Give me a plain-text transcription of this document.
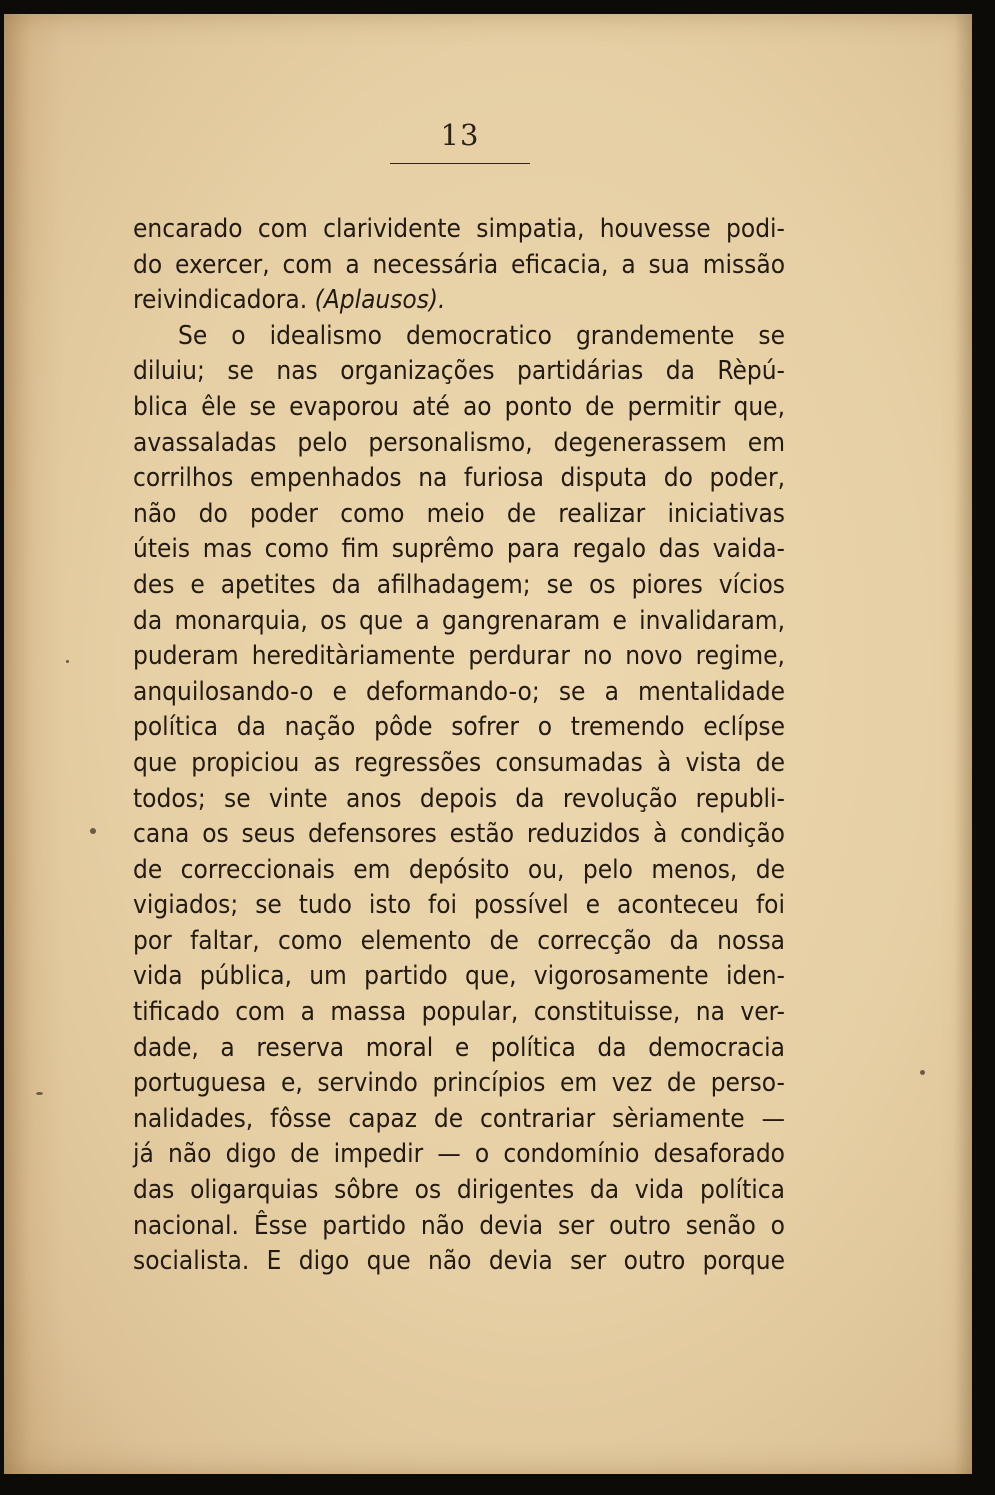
13
encarado com clarividente simpatia, houvesse podi-
do exercer, com a necessária eficacia, a sua missão
reivindicadora. (Aplausos).
Se o idealismo democratico grandemente se
diluiu; se nas organizações partidárias da Rèpú-
blica êle se evaporou até ao ponto de permitir que,
avassaladas pelo personalismo, degenerassem em
corrilhos empenhados na furiosa disputa do poder,
não do poder como meio de realizar iniciativas
úteis mas como fim suprêmo para regalo das vaida-
des e apetites da afilhadagem; se os piores vícios
da monarquia, os que a gangrenaram e invalidaram,
puderam hereditàriamente perdurar no novo regime,
anquilosando-o e deformando-o; se a mentalidade
política da nação pôde sofrer o tremendo eclípse
que propiciou as regressões consumadas à vista de
todos; se vinte anos depois da revolução republi-
cana os seus defensores estão reduzidos à condição
de correccionais em depósito ou, pelo menos, de
vigiados; se tudo isto foi possível e aconteceu foi
por faltar, como elemento de correcção da nossa
vida pública, um partido que, vigorosamente iden-
tificado com a massa popular, constituisse, na ver-
dade, a reserva moral e política da democracia
portuguesa e, servindo princípios em vez de perso-
nalidades, fôsse capaz de contrariar sèriamente —
já não digo de impedir — o condomínio desaforado
das oligarquias sôbre os dirigentes da vida política
nacional. Êsse partido não devia ser outro senão o
socialista. E digo que não devia ser outro porque
